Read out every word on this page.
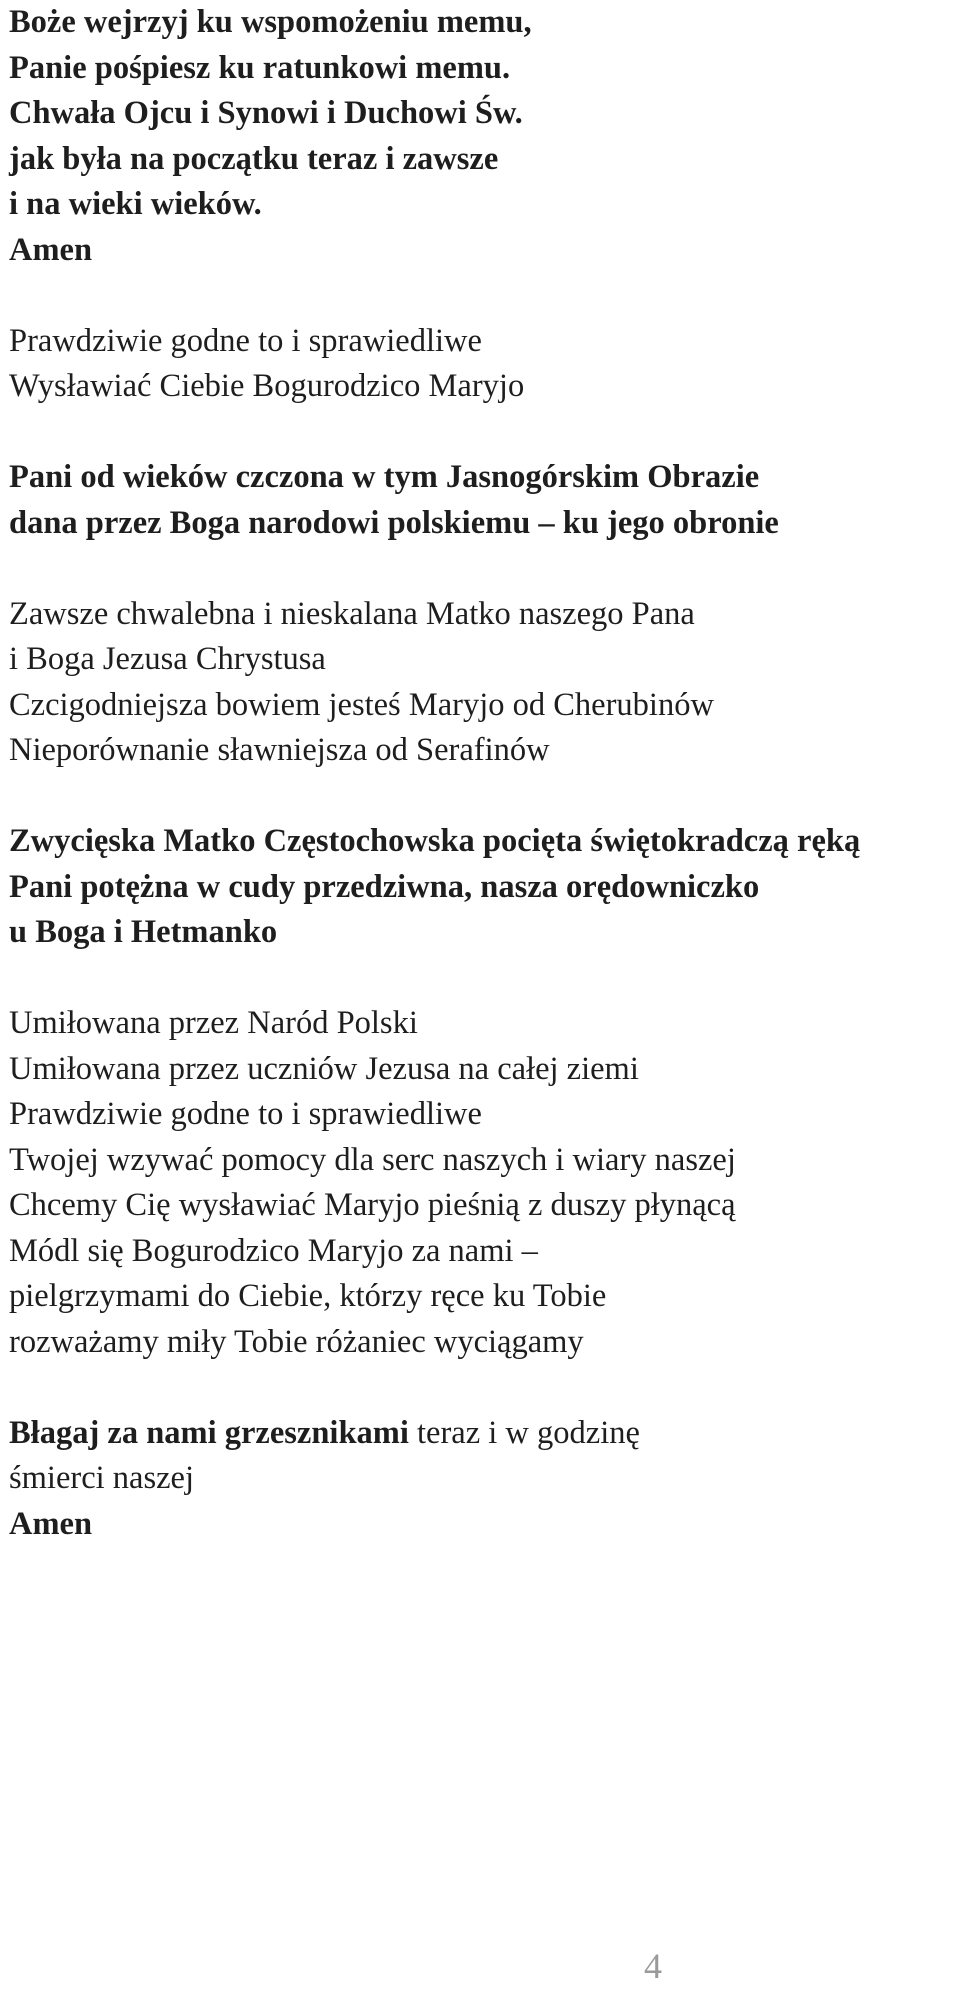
Boże wejrzyj ku wspomożeniu memu,
Panie pośpiesz ku ratunkowi memu.
Chwała Ojcu i Synowi i Duchowi Św.
jak była na początku teraz i zawsze
i na wieki wieków.
Amen
Prawdziwie godne to i sprawiedliwe
Wysławiać Ciebie Bogurodzico Maryjo
Pani od wieków czczona w tym Jasnogórskim Obrazie
dana przez Boga narodowi polskiemu – ku jego obronie
Zawsze chwalebna i nieskalana Matko naszego Pana
i Boga Jezusa Chrystusa
Czcigodniejsza bowiem jesteś Maryjo od Cherubinów
Nieporównanie sławniejsza od Serafinów
Zwycięska Matko Częstochowska pocięta świętokradczą ręką
Pani potężna w cudy przedziwna, nasza orędowniczko
u Boga i Hetmanko
Umiłowana przez Naród Polski
Umiłowana przez uczniów Jezusa na całej ziemi
Prawdziwie godne to i sprawiedliwe
Twojej wzywać pomocy dla serc naszych i wiary naszej
Chcemy Cię wysławiać Maryjo pieśnią z duszy płynącą
Módl się Bogurodzico Maryjo za nami –
pielgrzymami do Ciebie, którzy ręce ku Tobie
rozważamy miły Tobie różaniec wyciągamy
Błagaj za nami grzesznikami teraz i w godzinę
śmierci naszej
Amen
4
